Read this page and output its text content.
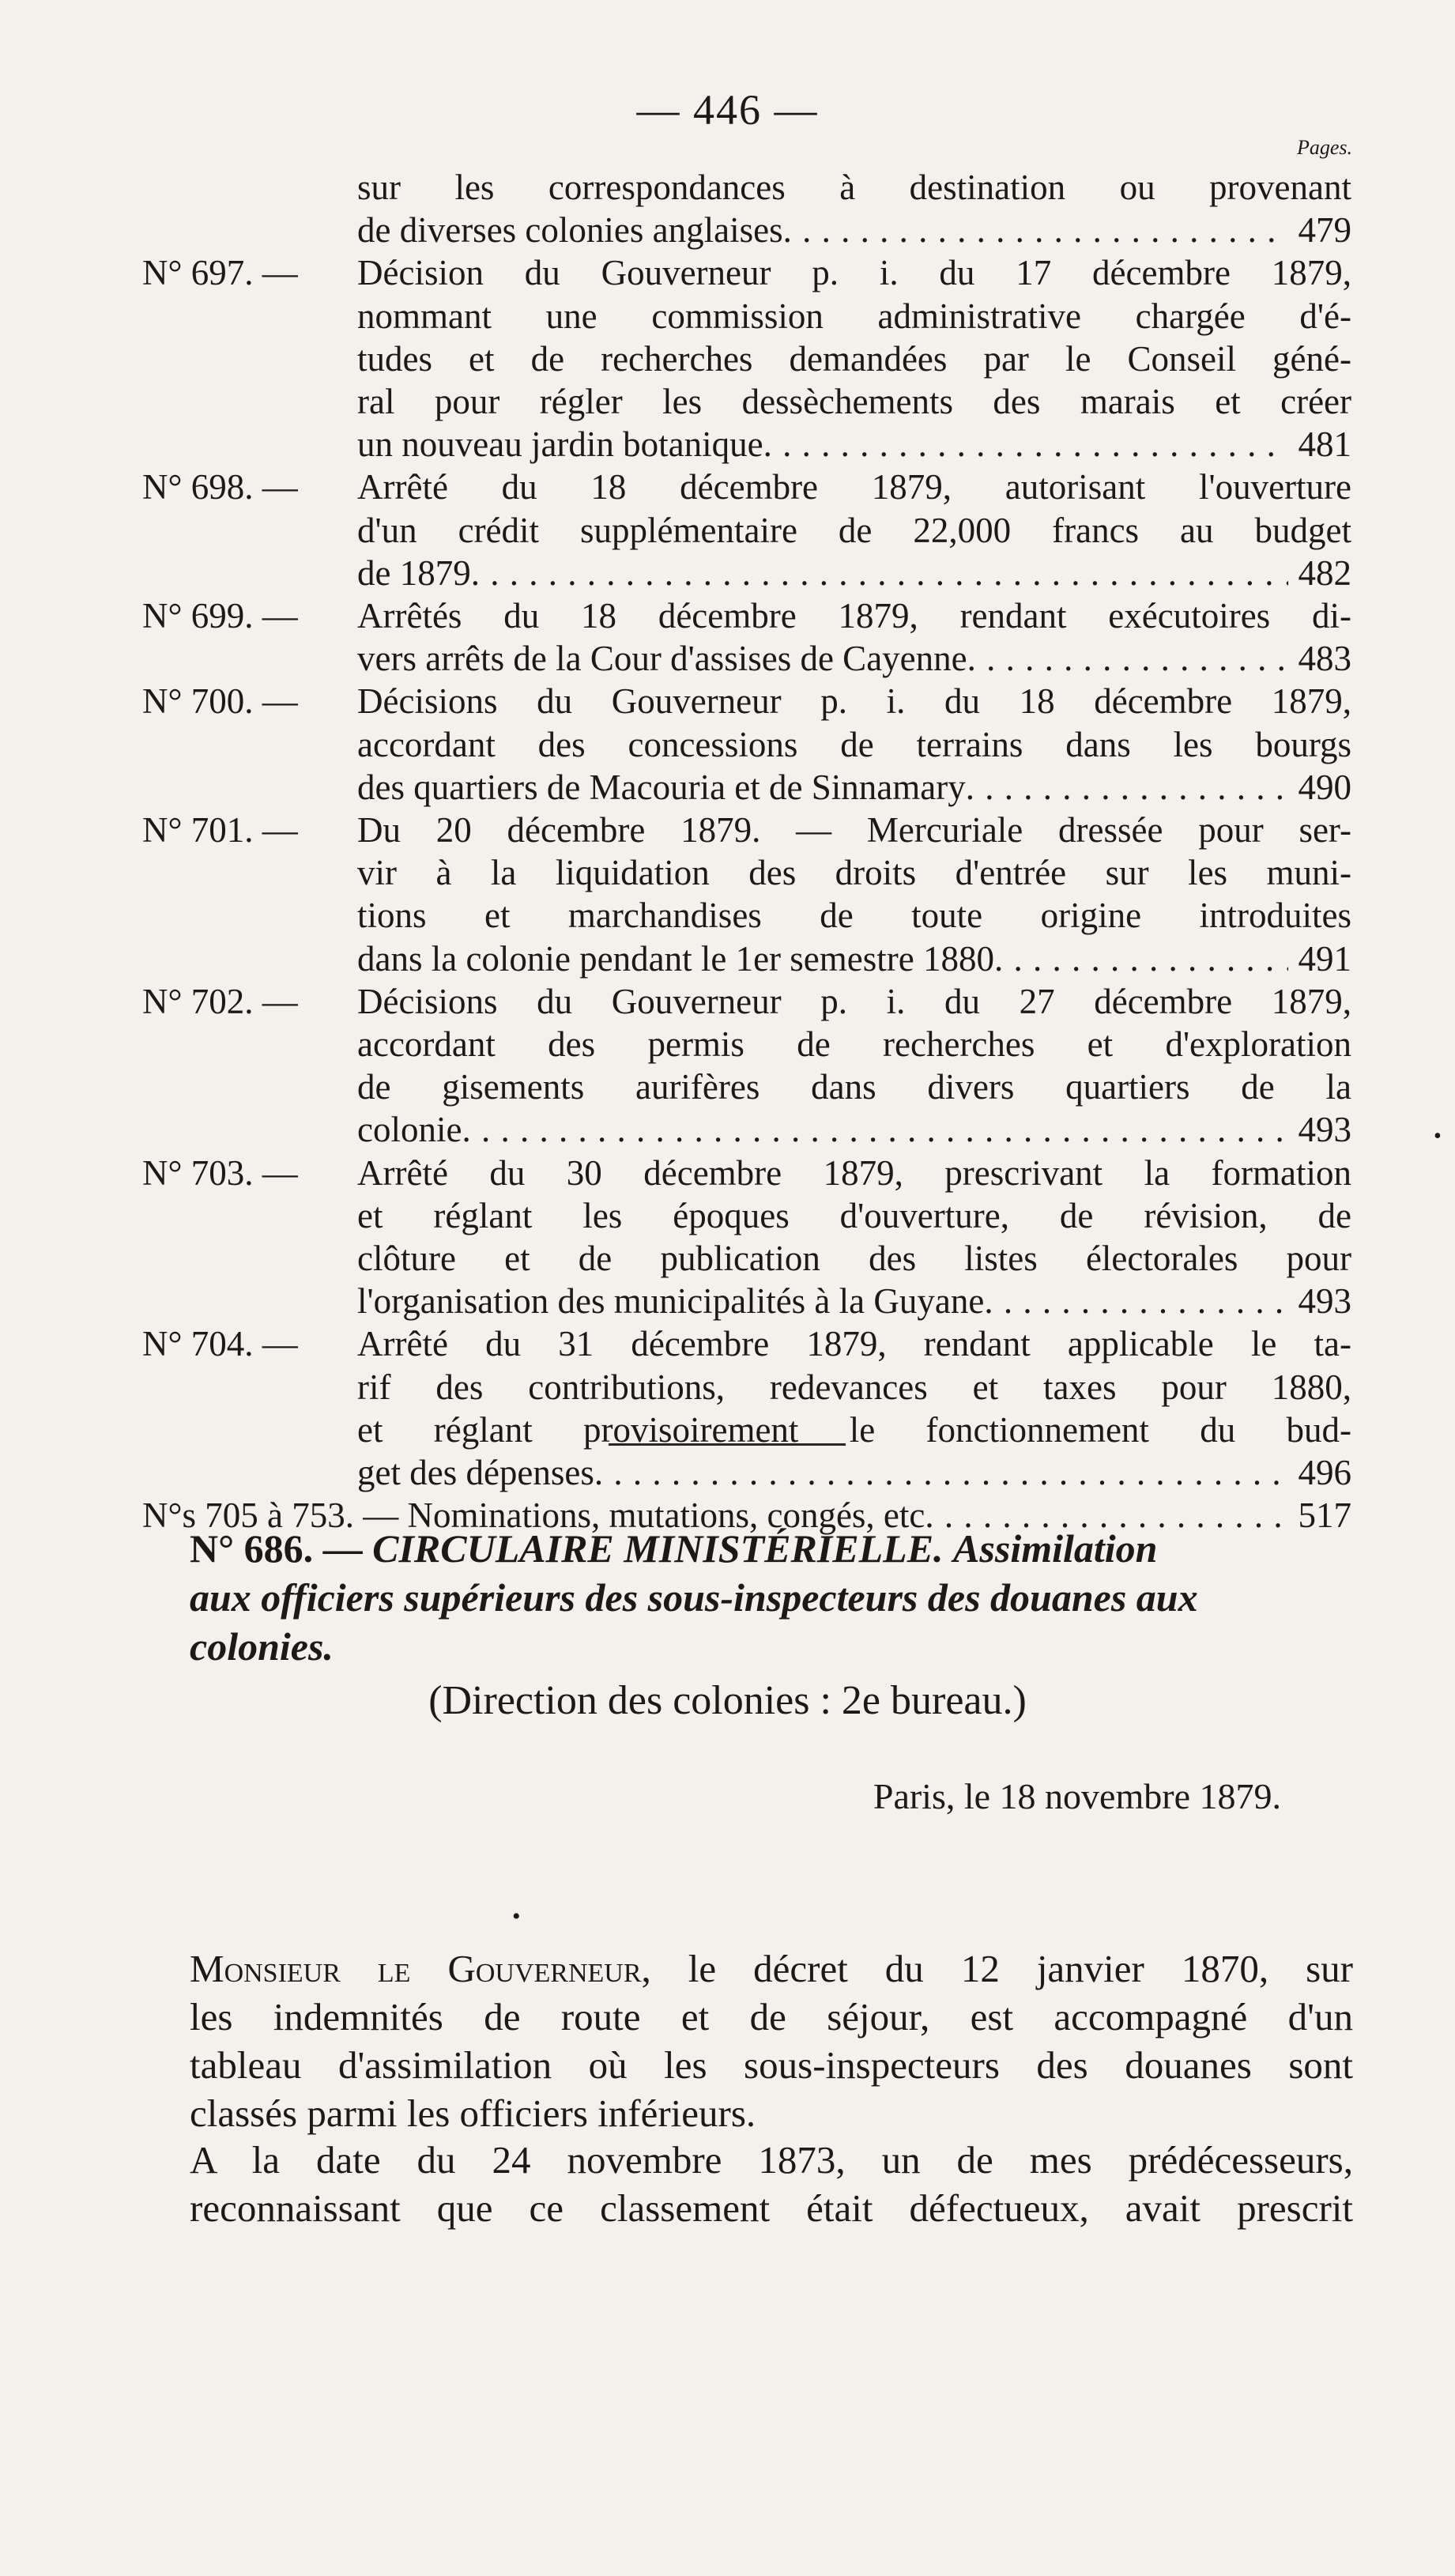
— 446 —
Pages.
sur les correspondances à destination ou provenant
de diverses colonies anglaises . . .	479
N° 697. —	Décision du Gouverneur p. i. du 17 décembre 1879,
nommant une commission administrative chargée d'é-
tudes et de recherches demandées par le Conseil géné-
ral pour régler les dessèchements des marais et créer
un nouveau jardin botanique . . .	481
N° 698. —	Arrêté du 18 décembre 1879, autorisant l'ouverture
d'un crédit supplémentaire de 22,000 francs au budget
de 1879 . . .	482
N° 699. —	Arrêtés du 18 décembre 1879, rendant exécutoires di-
vers arrêts de la Cour d'assises de Cayenne . . .	483
N° 700. —	Décisions du Gouverneur p. i. du 18 décembre 1879,
accordant des concessions de terrains dans les bourgs
des quartiers de Macouria et de Sinnamary . . .	490
N° 701. —	Du 20 décembre 1879. — Mercuriale dressée pour ser-
vir à la liquidation des droits d'entrée sur les muni-
tions et marchandises de toute origine introduites
dans la colonie pendant le 1er semestre 1880 . . .	491
N° 702. —	Décisions du Gouverneur p. i. du 27 décembre 1879,
accordant des permis de recherches et d'exploration
de gisements aurifères dans divers quartiers de la
colonie . . .	493
N° 703. —	Arrêté du 30 décembre 1879, prescrivant la formation
et réglant les époques d'ouverture, de révision, de
clôture et de publication des listes électorales pour
l'organisation des municipalités à la Guyane . . .	493
N° 704. —	Arrêté du 31 décembre 1879, rendant applicable le ta-
rif des contributions, redevances et taxes pour 1880,
et réglant provisoirement le fonctionnement du bud-
get des dépenses . . .	496
N°s 705 à 753. — Nominations, mutations, congés, etc . . .	517
•
N° 686. — CIRCULAIRE MINISTÉRIELLE. Assimilation
aux officiers supérieurs des sous-inspecteurs des douanes aux
colonies.
(Direction des colonies : 2e bureau.)
Paris, le 18 novembre 1879.
•
Monsieur le Gouverneur, le décret du 12 janvier 1870, sur
les indemnités de route et de séjour, est accompagné d'un
tableau d'assimilation où les sous-inspecteurs des douanes sont
classés parmi les officiers inférieurs.
A la date du 24 novembre 1873, un de mes prédécesseurs,
reconnaissant que ce classement était défectueux, avait prescrit
